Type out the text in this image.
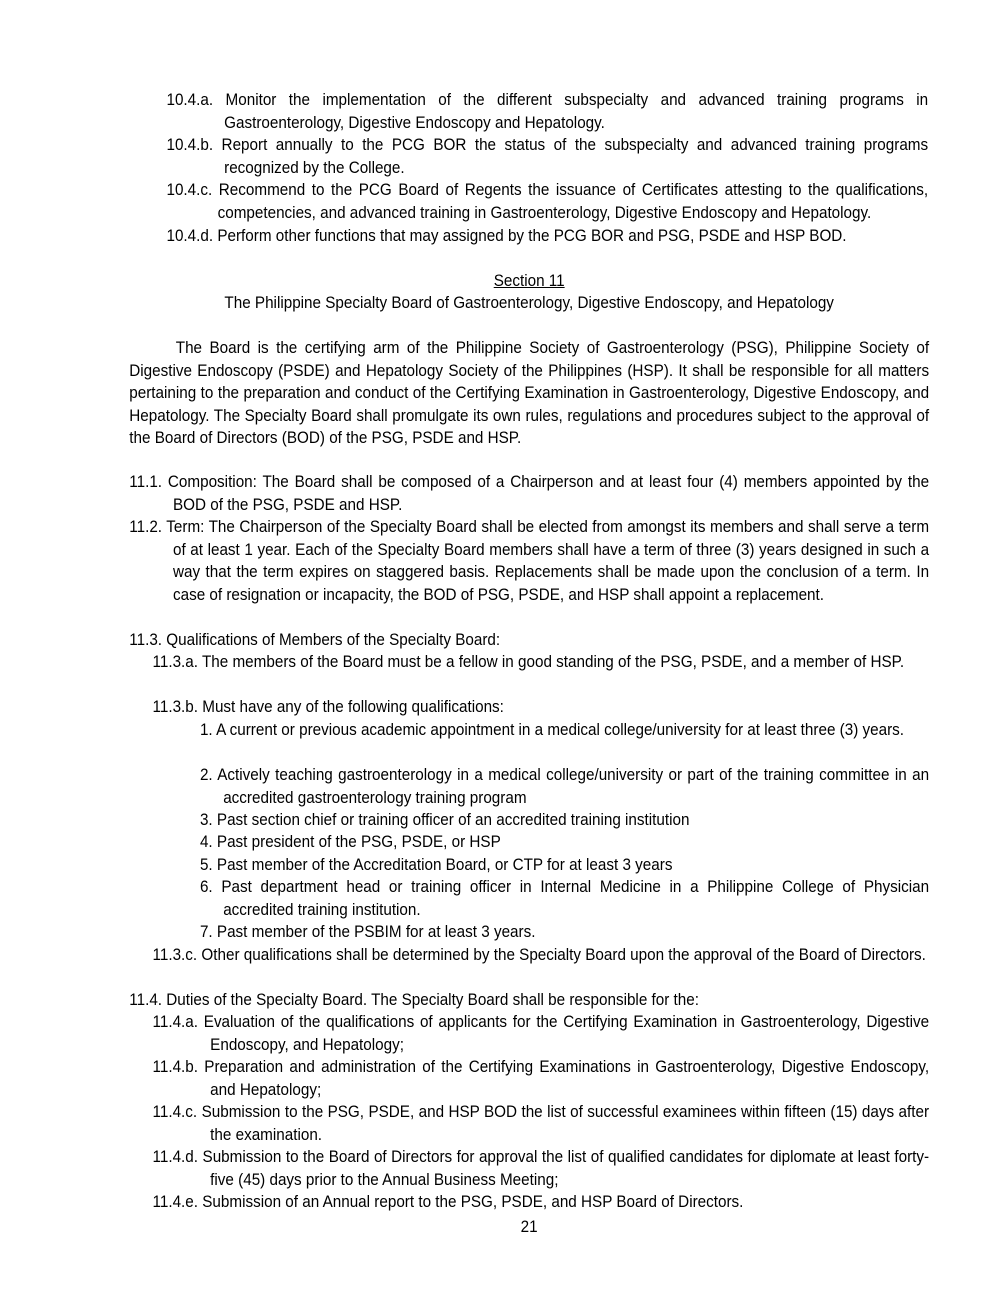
10.4.a. Monitor the implementation of the different subspecialty and advanced training programs in Gastroenterology, Digestive Endoscopy and Hepatology.
10.4.b. Report annually to the PCG BOR the status of the subspecialty and advanced training programs recognized by the College.
10.4.c. Recommend to the PCG Board of Regents the issuance of Certificates attesting to the qualifications, competencies, and advanced training in Gastroenterology, Digestive Endoscopy and Hepatology.
10.4.d. Perform other functions that may assigned by the PCG BOR and PSG, PSDE and HSP BOD.
Section 11
The Philippine Specialty Board of Gastroenterology, Digestive Endoscopy, and Hepatology
The Board is the certifying arm of the Philippine Society of Gastroenterology (PSG), Philippine Society of Digestive Endoscopy (PSDE) and Hepatology Society of the Philippines (HSP). It shall be responsible for all matters pertaining to the preparation and conduct of the Certifying Examination in Gastroenterology, Digestive Endoscopy, and Hepatology. The Specialty Board shall promulgate its own rules, regulations and procedures subject to the approval of the Board of Directors (BOD) of the PSG, PSDE and HSP.
11.1. Composition: The Board shall be composed of a Chairperson and at least four (4) members appointed by the BOD of the PSG, PSDE and HSP.
11.2. Term: The Chairperson of the Specialty Board shall be elected from amongst its members and shall serve a term of at least 1 year. Each of the Specialty Board members shall have a term of three (3) years designed in such a way that the term expires on staggered basis. Replacements shall be made upon the conclusion of a term. In case of resignation or incapacity, the BOD of PSG, PSDE, and HSP shall appoint a replacement.
11.3. Qualifications of Members of the Specialty Board:
11.3.a. The members of the Board must be a fellow in good standing of the PSG, PSDE, and a member of HSP.
11.3.b. Must have any of the following qualifications:
1. A current or previous academic appointment in a medical college/university for at least three (3) years.
2. Actively teaching gastroenterology in a medical college/university or part of the training committee in an accredited gastroenterology training program
3. Past section chief or training officer of an accredited training institution
4. Past president of the PSG, PSDE, or HSP
5. Past member of the Accreditation Board, or CTP for at least 3 years
6. Past department head or training officer in Internal Medicine in a Philippine College of Physician accredited training institution.
7. Past member of the PSBIM for at least 3 years.
11.3.c. Other qualifications shall be determined by the Specialty Board upon the approval of the Board of Directors.
11.4. Duties of the Specialty Board. The Specialty Board shall be responsible for the:
11.4.a. Evaluation of the qualifications of applicants for the Certifying Examination in Gastroenterology, Digestive Endoscopy, and Hepatology;
11.4.b. Preparation and administration of the Certifying Examinations in Gastroenterology, Digestive Endoscopy, and Hepatology;
11.4.c. Submission to the PSG, PSDE, and HSP BOD the list of successful examinees within fifteen (15) days after the examination.
11.4.d. Submission to the Board of Directors for approval the list of qualified candidates for diplomate at least forty-five (45) days prior to the Annual Business Meeting;
11.4.e. Submission of an Annual report to the PSG, PSDE, and HSP Board of Directors.
21
